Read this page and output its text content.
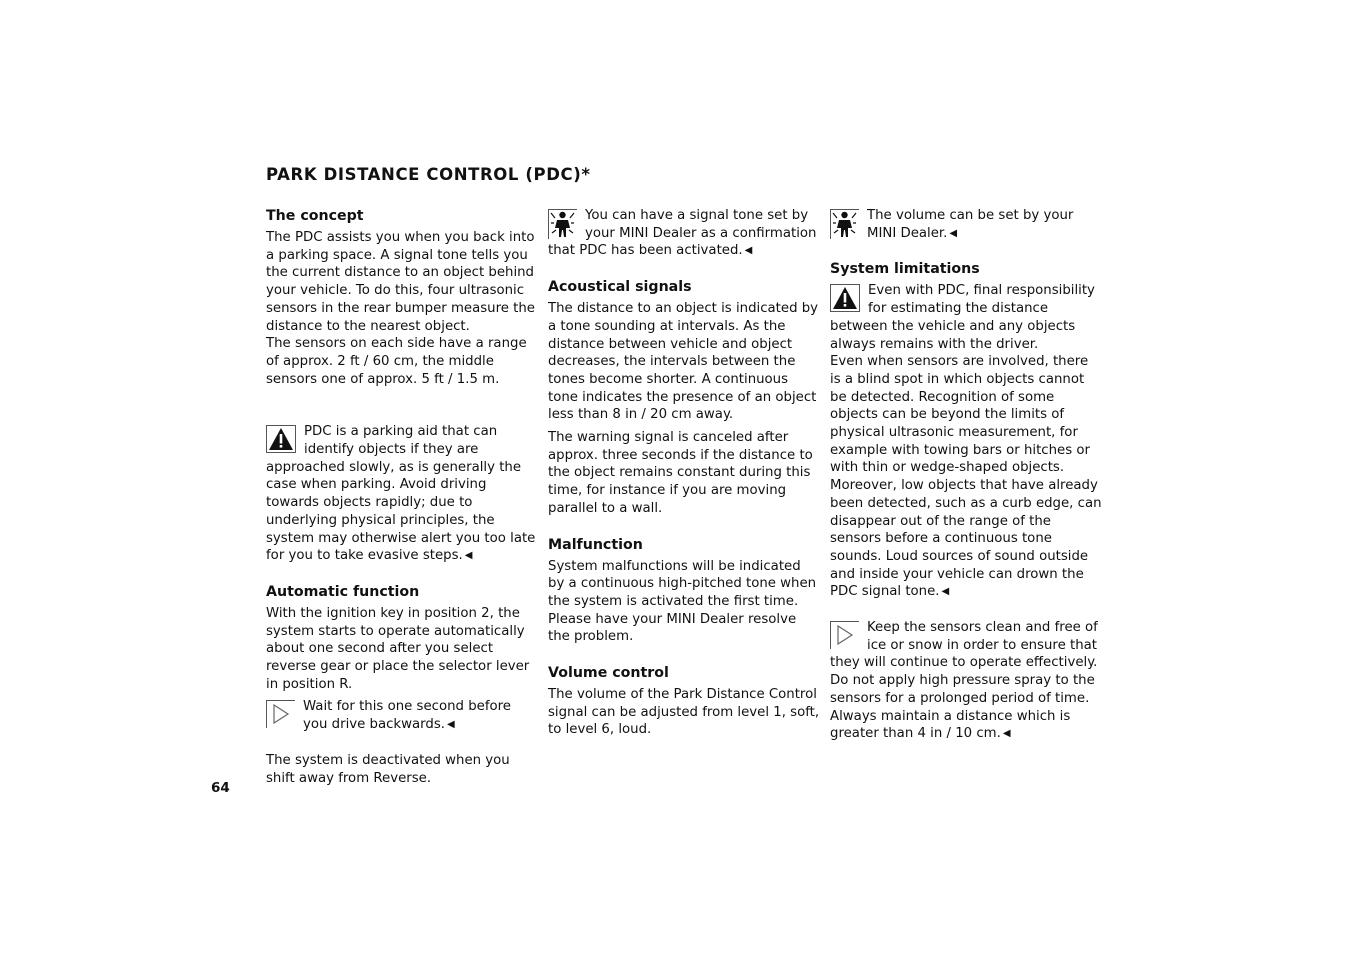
PARK DISTANCE CONTROL (PDC)*
The concept

The PDC assists you when you back into a parking space. A signal tone tells you the current distance to an object behind your vehicle. To do this, four ultrasonic sensors in the rear bumper measure the distance to the nearest object.

The sensors on each side have a range of approx. 2 ft / 60 cm, the middle sensors one of approx. 5 ft / 1.5 m.

PDC is a parking aid that can identify objects if they are approached slowly, as is generally the case when parking. Avoid driving towards objects rapidly; due to underlying physical principles, the system may otherwise alert you too late for you to take evasive steps. ◀

Automatic function

With the ignition key in position 2, the system starts to operate automatically about one second after you select reverse gear or place the selector lever in position R.

Wait for this one second before you drive backwards. ◀

The system is deactivated when you shift away from Reverse.

You can have a signal tone set by your MINI Dealer as a confirmation that PDC has been activated. ◀

Acoustical signals

The distance to an object is indicated by a tone sounding at intervals. As the distance between vehicle and object decreases, the intervals between the tones become shorter. A continuous tone indicates the presence of an object less than 8 in / 20 cm away.

The warning signal is canceled after approx. three seconds if the distance to the object remains constant during this time, for instance if you are moving parallel to a wall.

Malfunction

System malfunctions will be indicated by a continuous high-pitched tone when the system is activated the first time. Please have your MINI Dealer resolve the problem.

Volume control

The volume of the Park Distance Control signal can be adjusted from level 1, soft, to level 6, loud.

The volume can be set by your MINI Dealer. ◀

System limitations

Even with PDC, final responsibility for estimating the distance between the vehicle and any objects always remains with the driver.

Even when sensors are involved, there is a blind spot in which objects cannot be detected. Recognition of some objects can be beyond the limits of physical ultrasonic measurement, for example with towing bars or hitches or with thin or wedge-shaped objects. Moreover, low objects that have already been detected, such as a curb edge, can disappear out of the range of the sensors before a continuous tone sounds. Loud sources of sound outside and inside your vehicle can drown the PDC signal tone. ◀

Keep the sensors clean and free of ice or snow in order to ensure that they will continue to operate effectively.

Do not apply high pressure spray to the sensors for a prolonged period of time. Always maintain a distance which is greater than 4 in / 10 cm. ◀

64
